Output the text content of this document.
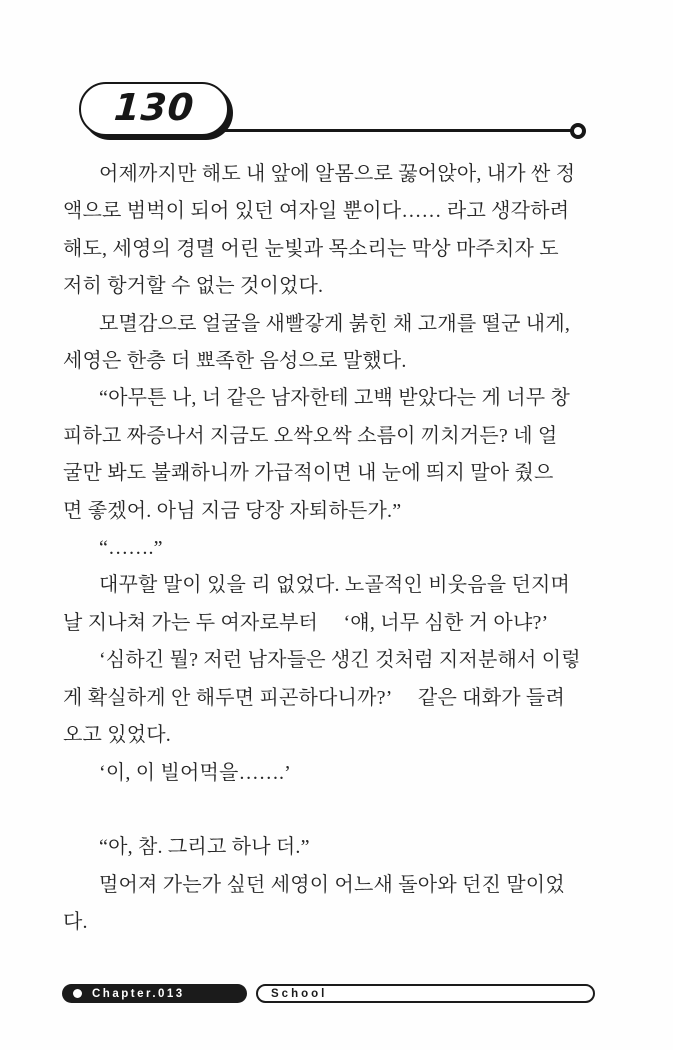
130
어제까지만 해도 내 앞에 알몸으로 꿇어앉아, 내가 싼 정
액으로 범벅이 되어 있던 여자일 뿐이다…… 라고 생각하려
해도, 세영의 경멸 어린 눈빛과 목소리는 막상 마주치자 도
저히 항거할 수 없는 것이었다.
모멸감으로 얼굴을 새빨갛게 붉힌 채 고개를 떨군 내게,
세영은 한층 더 뾰족한 음성으로 말했다.
“아무튼 나, 너 같은 남자한테 고백 받았다는 게 너무 창
피하고 짜증나서 지금도 오싹오싹 소름이 끼치거든? 네 얼
굴만 봐도 불쾌하니까 가급적이면 내 눈에 띄지 말아 줬으
면 좋겠어. 아님 지금 당장 자퇴하든가.”
“…….”
대꾸할 말이 있을 리 없었다. 노골적인 비웃음을 던지며
날 지나쳐 가는 두 여자로부터  ‘얘, 너무 심한 거 아냐?’
‘심하긴 뭘? 저런 남자들은 생긴 것처럼 지저분해서 이렇
게 확실하게 안 해두면 피곤하다니까?’  같은 대화가 들려
오고 있었다.
‘이, 이 빌어먹을…….’
“아, 참. 그리고 하나 더.”
멀어져 가는가 싶던 세영이 어느새 돌아와 던진 말이었
다.
Chapter.013	School
